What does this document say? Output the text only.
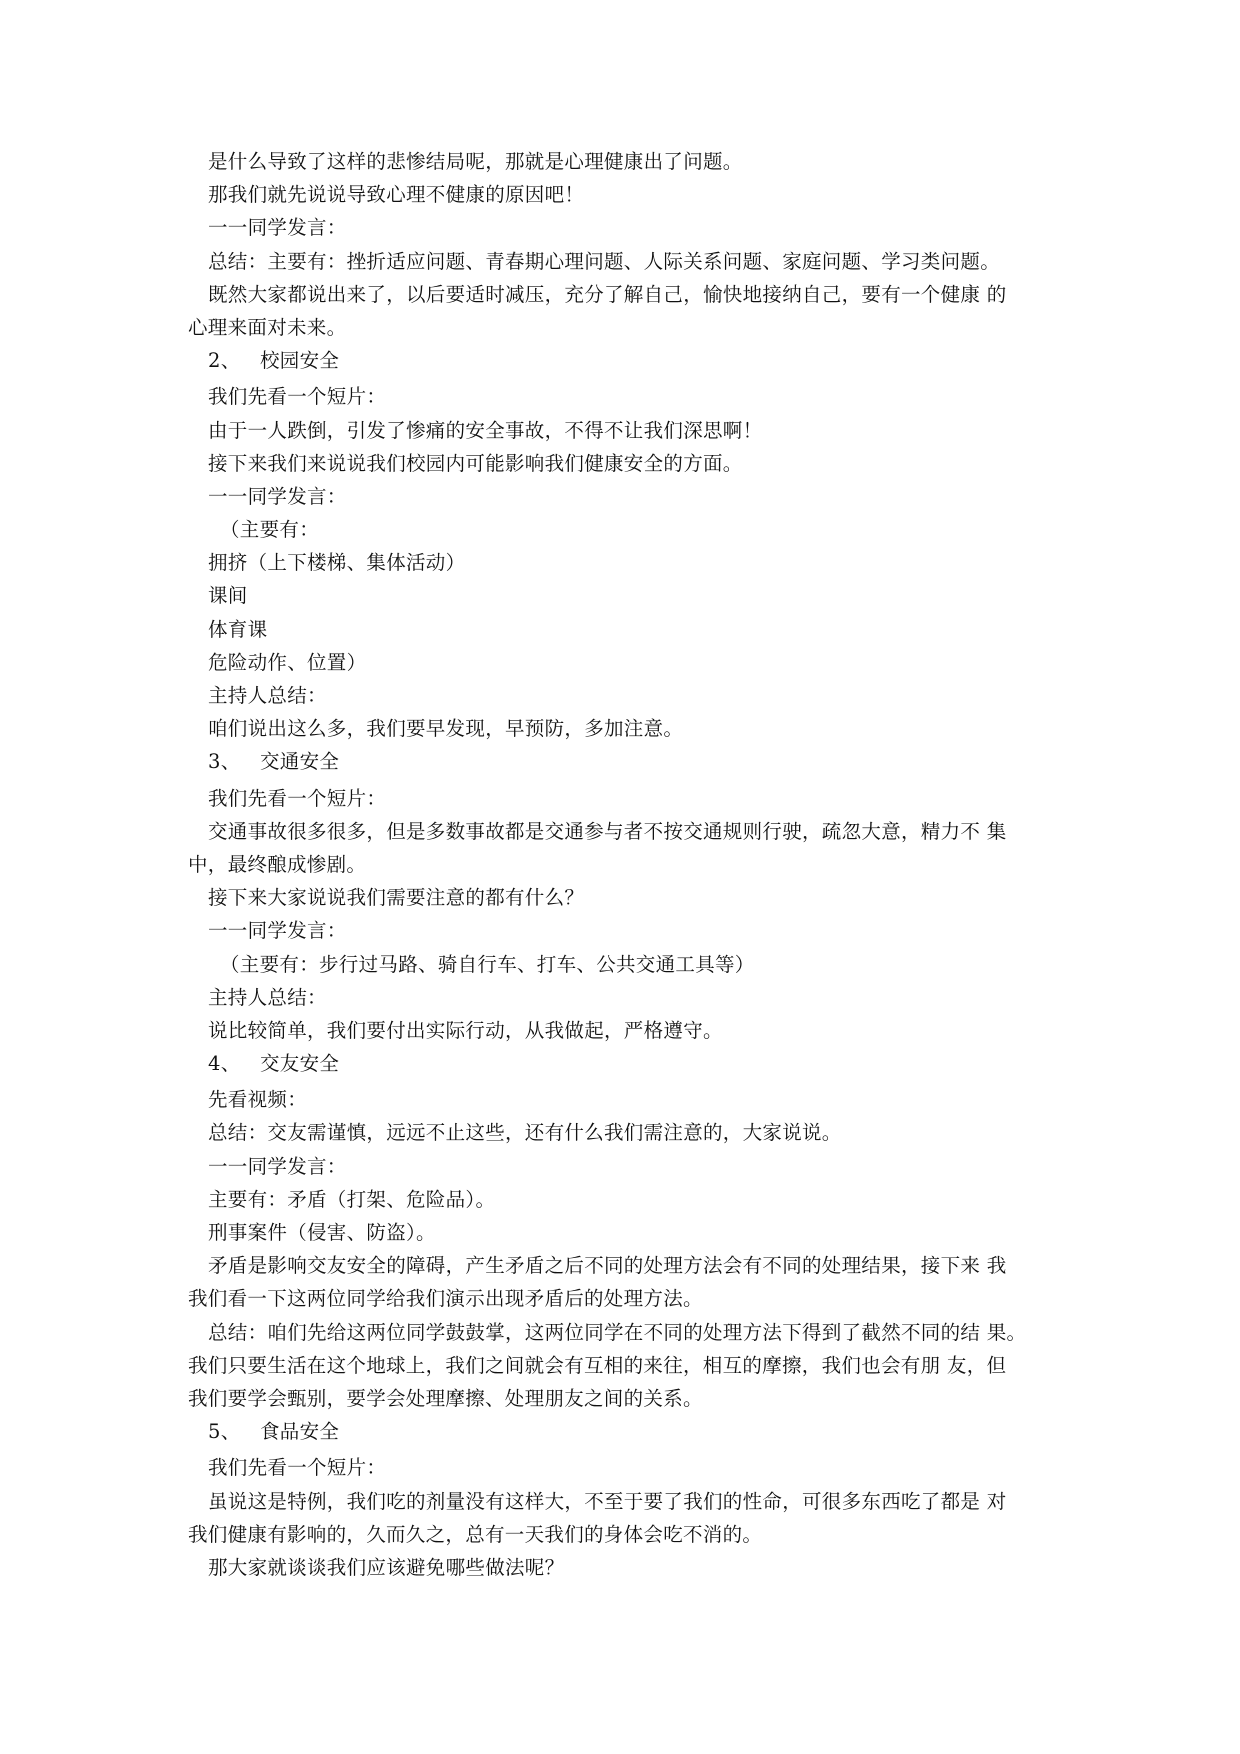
是什么导致了这样的悲惨结局呢，那就是心理健康出了问题。
那我们就先说说导致心理不健康的原因吧！
一一同学发言：
总结：主要有：挫折适应问题、青春期心理问题、人际关系问题、家庭问题、学习类问题。
既然大家都说出来了，以后要适时减压，充分了解自己，愉快地接纳自己，要有一个健康 的
心理来面对未来。
2、 校园安全
我们先看一个短片：
由于一人跌倒，引发了惨痛的安全事故，不得不让我们深思啊！
接下来我们来说说我们校园内可能影响我们健康安全的方面。
一一同学发言：
（主要有：
拥挤（上下楼梯、集体活动）
课间
体育课
危险动作、位置）
主持人总结：
咱们说出这么多，我们要早发现，早预防，多加注意。
3、 交通安全
我们先看一个短片：
交通事故很多很多，但是多数事故都是交通参与者不按交通规则行驶，疏忽大意，精力不 集
中，最终酿成惨剧。
接下来大家说说我们需要注意的都有什么？
一一同学发言：
（主要有：步行过马路、骑自行车、打车、公共交通工具等）
主持人总结：
说比较简单，我们要付出实际行动，从我做起，严格遵守。
4、 交友安全
先看视频：
总结：交友需谨慎，远远不止这些，还有什么我们需注意的，大家说说。
一一同学发言：
主要有：矛盾（打架、危险品）。
刑事案件（侵害、防盗）。
矛盾是影响交友安全的障碍，产生矛盾之后不同的处理方法会有不同的处理结果，接下来 我
我们看一下这两位同学给我们演示出现矛盾后的处理方法。
总结：咱们先给这两位同学鼓鼓掌，这两位同学在不同的处理方法下得到了截然不同的结 果。
我们只要生活在这个地球上，我们之间就会有互相的来往，相互的摩擦，我们也会有朋 友，但
我们要学会甄别，要学会处理摩擦、处理朋友之间的关系。
5、 食品安全
我们先看一个短片：
虽说这是特例，我们吃的剂量没有这样大，不至于要了我们的性命，可很多东西吃了都是 对
我们健康有影响的，久而久之，总有一天我们的身体会吃不消的。
那大家就谈谈我们应该避免哪些做法呢？
